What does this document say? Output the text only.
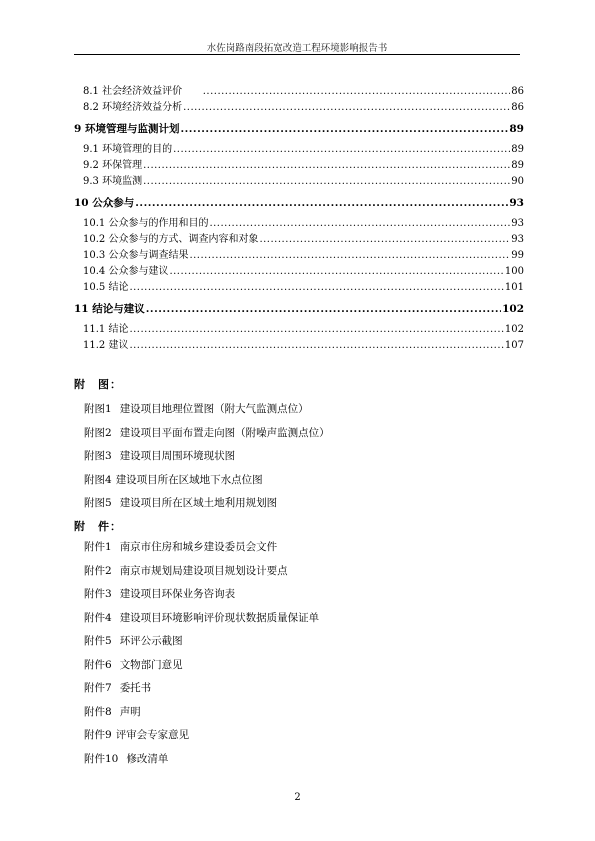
水佐岗路南段拓宽改造工程环境影响报告书
8.1 社会经济效益评价 .....	86
8.2 环境经济效益分析 .....	86
9 环境管理与监测计划 .....	89
9.1 环境管理的目的 .....	89
9.2 环保管理 .....	89
9.3 环境监测 .....	90
10 公众参与 .....	93
10.1 公众参与的作用和目的 .....	93
10.2 公众参与的方式、调查内容和对象 .....	93
10.3 公众参与调查结果 .....	99
10.4 公众参与建议 .....	100
10.5 结论 .....	101
11 结论与建议 .....	102
11.1 结论 .....	102
11.2 建议 .....	107
附　图：
附图1 建设项目地理位置图（附大气监测点位）
附图2 建设项目平面布置走向图（附噪声监测点位）
附图3 建设项目周围环境现状图
附图4 建设项目所在区域地下水点位图
附图5 建设项目所在区域土地利用规划图
附　件：
附件1 南京市住房和城乡建设委员会文件
附件2 南京市规划局建设项目规划设计要点
附件3 建设项目环保业务咨询表
附件4 建设项目环境影响评价现状数据质量保证单
附件5 环评公示截图
附件6 文物部门意见
附件7 委托书
附件8 声明
附件9 评审会专家意见
附件10 修改清单
2
